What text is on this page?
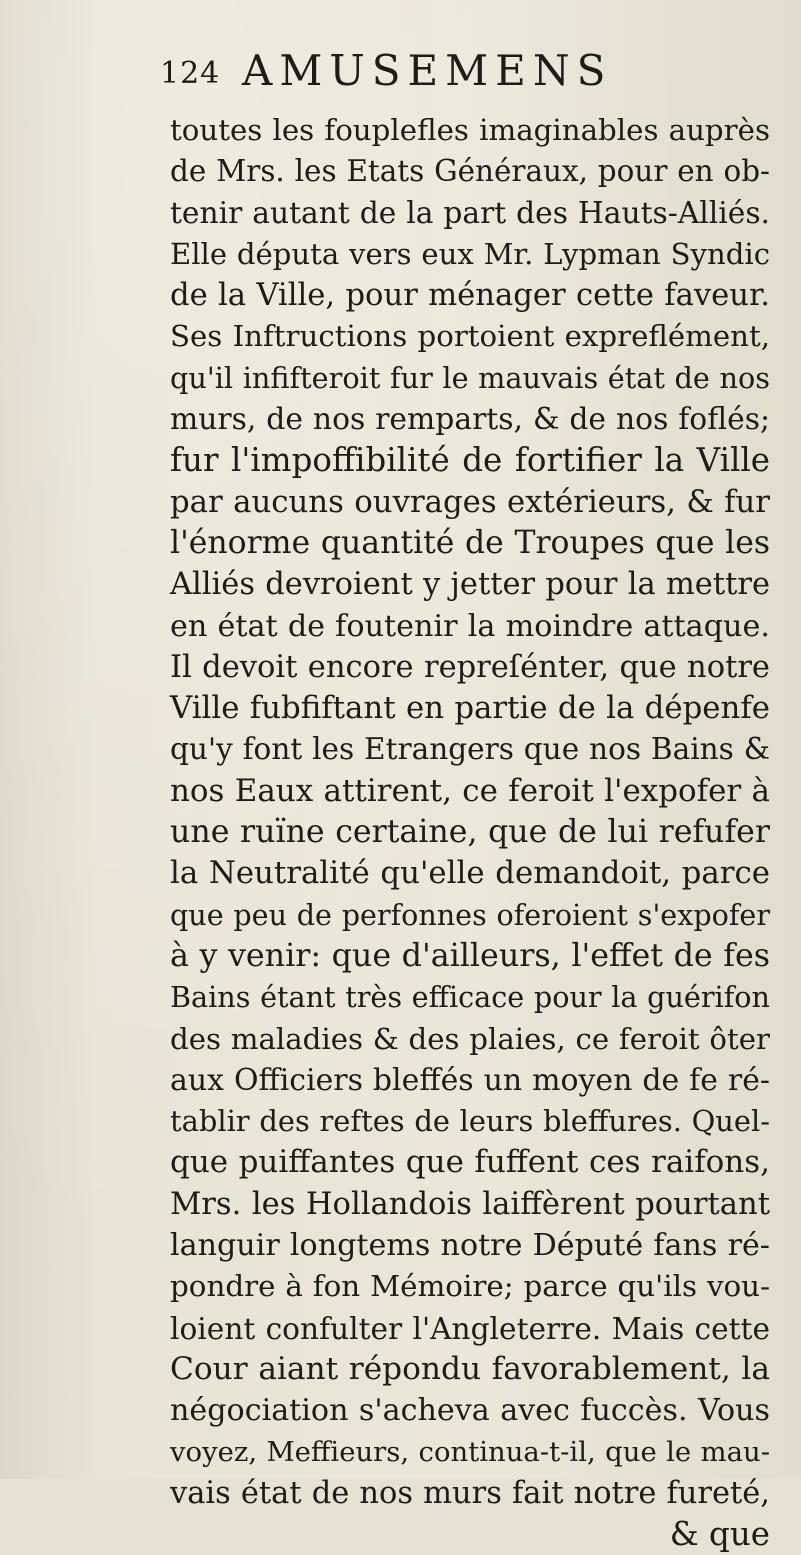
124 AMUSEMENS
toutes les fouplefles imaginables auprès
de Mrs. les Etats Généraux, pour en ob-
tenir autant de la part des Hauts-Alliés.
Elle députa vers eux Mr. Lypman Syndic
de la Ville, pour ménager cette faveur.
Ses Inftructions portoient expreflément,
qu'il infifteroit fur le mauvais état de nos
murs, de nos remparts, & de nos foflés;
fur l'impoffibilité de fortifier la Ville
par aucuns ouvrages extérieurs, & fur
l'énorme quantité de Troupes que les
Alliés devroient y jetter pour la mettre
en état de foutenir la moindre attaque.
Il devoit encore repreſénter, que notre
Ville fubfiftant en partie de la dépenfe
qu'y font les Etrangers que nos Bains &
nos Eaux attirent, ce feroit l'expofer à
une ruïne certaine, que de lui refufer
la Neutralité qu'elle demandoit, parce
que peu de perfonnes oferoient s'expofer
à y venir: que d'ailleurs, l'effet de fes
Bains étant très efficace pour la guérifon
des maladies & des plaies, ce feroit ôter
aux Officiers bleffés un moyen de fe ré-
tablir des reftes de leurs bleffures. Quel-
que puiffantes que fuffent ces raifons,
Mrs. les Hollandois laiffèrent pourtant
languir longtems notre Député fans ré-
pondre à fon Mémoire; parce qu'ils vou-
loient confulter l'Angleterre. Mais cette
Cour aiant répondu favorablement, la
négociation s'acheva avec fuccès. Vous
voyez, Meffieurs, continua-t-il, que le mau-
vais état de nos murs fait notre fureté,
& que
